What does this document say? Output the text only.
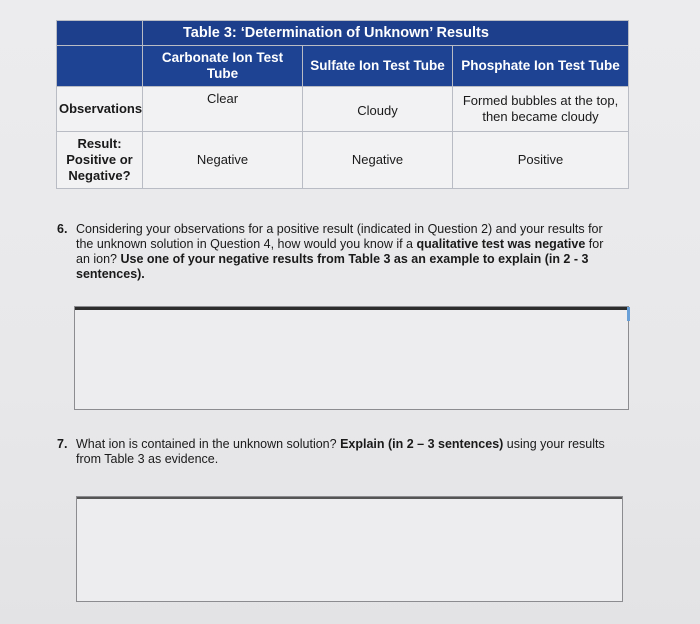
	Table 3: ‘Determination of Unknown’ Results		
	Carbonate Ion Test Tube	Sulfate Ion Test Tube	Phosphate Ion Test Tube
Observations	Clear	Cloudy	Formed bubbles at the top, then became cloudy
Result: Positive or Negative?	Negative	Negative	Positive
6. Considering your observations for a positive result (indicated in Question 2) and your results for the unknown solution in Question 4, how would you know if a qualitative test was negative for an ion? Use one of your negative results from Table 3 as an example to explain (in 2 - 3 sentences).
7. What ion is contained in the unknown solution? Explain (in 2 – 3 sentences) using your results from Table 3 as evidence.
